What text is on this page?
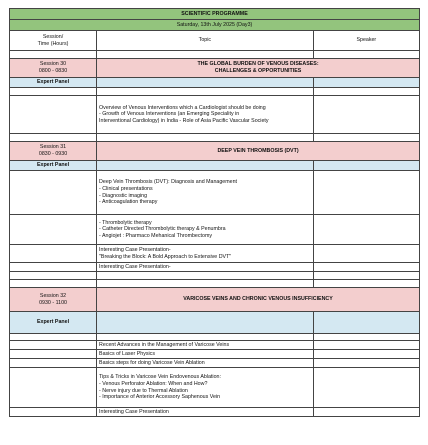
SCIENTIFIC PROGRAMME		
Saturday, 13th July 2025 (Day3)		

Session/
Time (Hours)	Topic	Speaker

Session 30
0800 - 0830	THE GLOBAL BURDEN OF VENOUS DISEASES:
CHALLENGES & OPPORTUNITIES	

Expert Panel		

	Overview of Venous Interventions which a Cardiologist should be doing
- Growth of Venous Interventions (an Emerging Speciality in
Interventional Cardiology) in India - Role of Asia Pacific Vascular Society	

Session 31
0830 - 0930	DEEP VEIN THROMBOSIS (DVT)	
Expert Panel		

	Deep Vein Thrombosis (DVT): Diagnosis and Management
- Clinical presentations
- Diagnostic imaging
- Anticoagulation therapy	

	- Thrombolytic therapy
- Catheter Directed Thrombolytic therapy & Penumbra
- Angiojet : Pharmaco Mehanical Thrombectomy	

	Interesting Case Presentation-
"Breaking the Block: A Bold Approach to Extensive DVT"	

	Interesting Case Presentation-	

Session 32
0930 - 1100	VARICOSE VEINS AND CHRONIC VENOUS INSUFFICIENCY	
Expert Panel		

	Recent Advances in the Management of Varicose Veins	
	Basics of Laser Physics	
	Basics steps for doing Varicose Vein Ablation	

	Tips & Tricks in Varicose Vein Endovenous Ablation:
- Venous Perforator Ablation: When and How?
- Nerve injury due to Thermal Ablation
- Importance of Anterior Accessory Saphenous Vein	

	Interesting Case Presentation	
